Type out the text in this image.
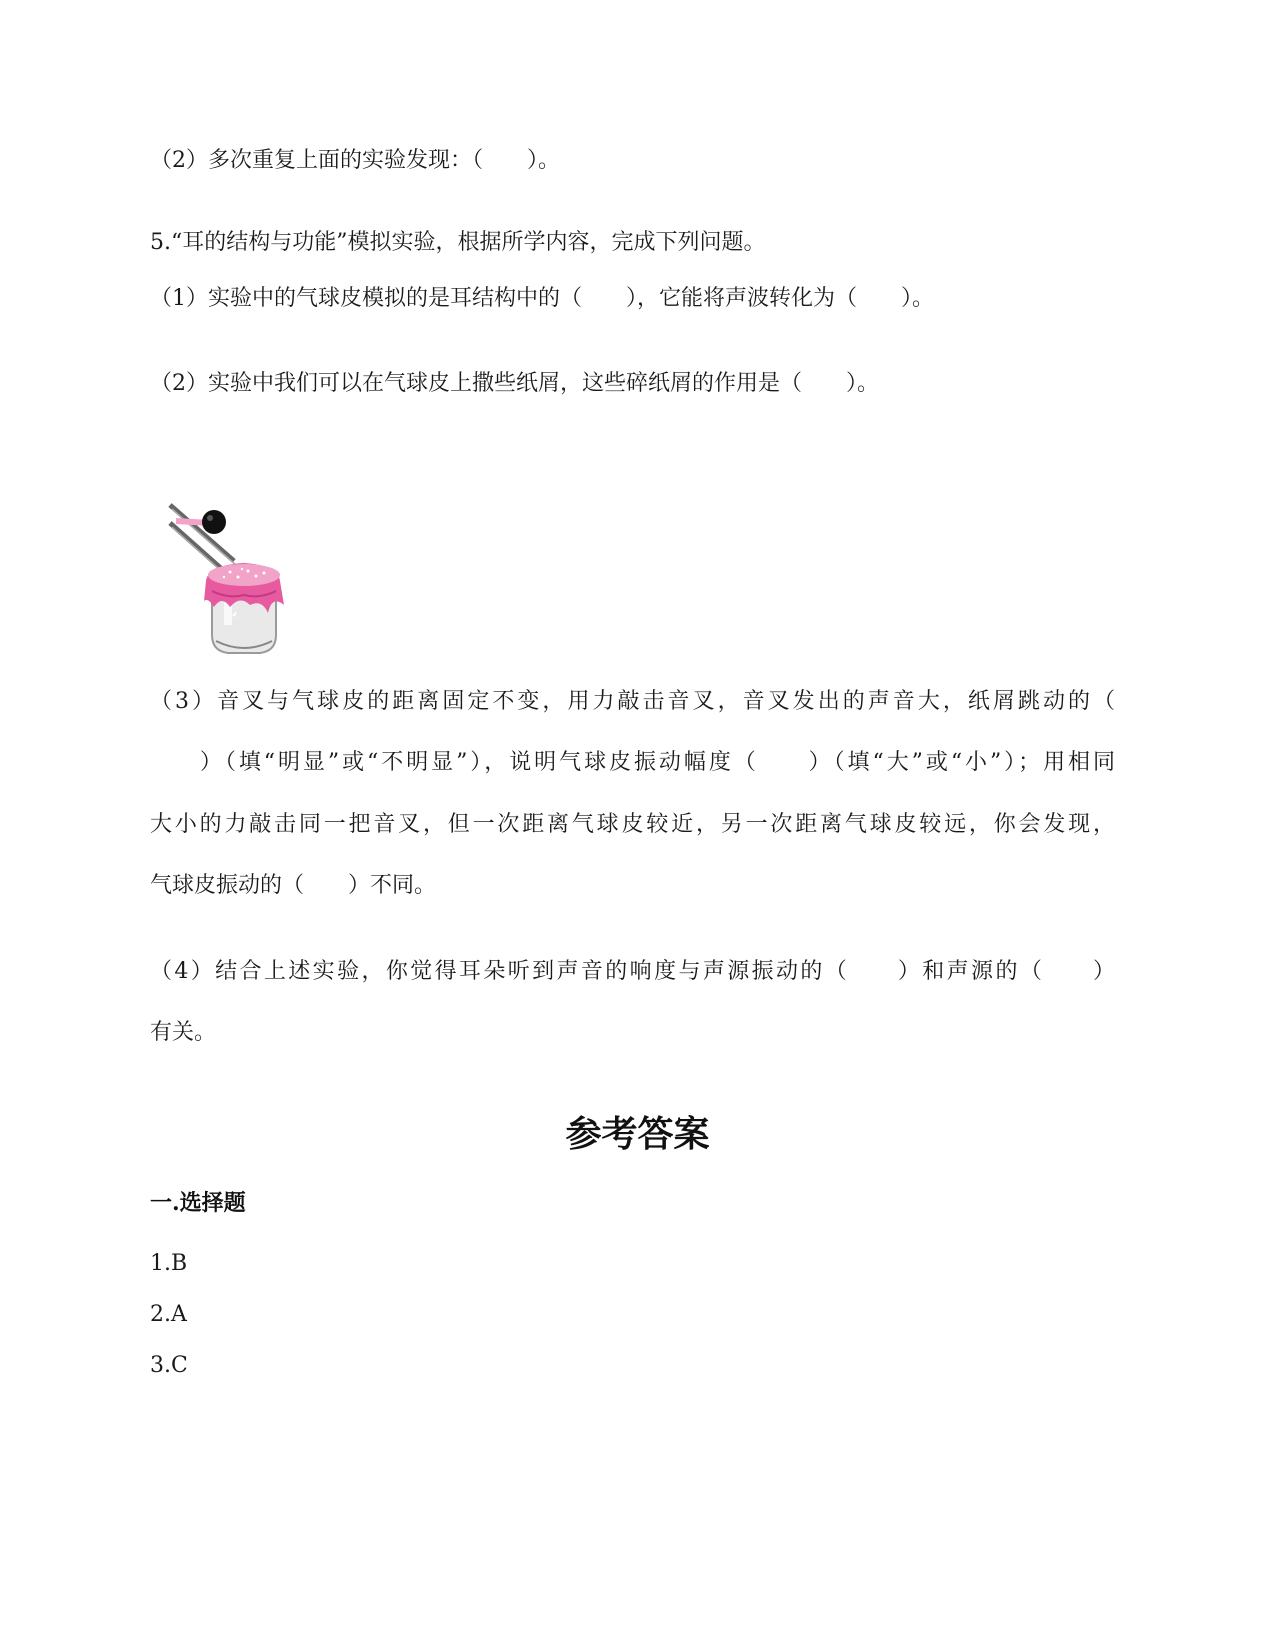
（2）多次重复上面的实验发现：（　　）。
5.“耳的结构与功能”模拟实验，根据所学内容，完成下列问题。
（1）实验中的气球皮模拟的是耳结构中的（　　），它能将声波转化为（　　）。
（2）实验中我们可以在气球皮上撒些纸屑，这些碎纸屑的作用是（　　）。
（3）音叉与气球皮的距离固定不变，用力敲击音叉，音叉发出的声音大，纸屑跳动的（
　　）（填“明显”或“不明显”），说明气球皮振动幅度（　　）（填“大”或“小”）；用相同
大小的力敲击同一把音叉，但一次距离气球皮较近，另一次距离气球皮较远，你会发现，
气球皮振动的（　　）不同。
（4）结合上述实验，你觉得耳朵听到声音的响度与声源振动的（　　）和声源的（　　）
有关。
参考答案
一.选择题
1.B
2.A
3.C
